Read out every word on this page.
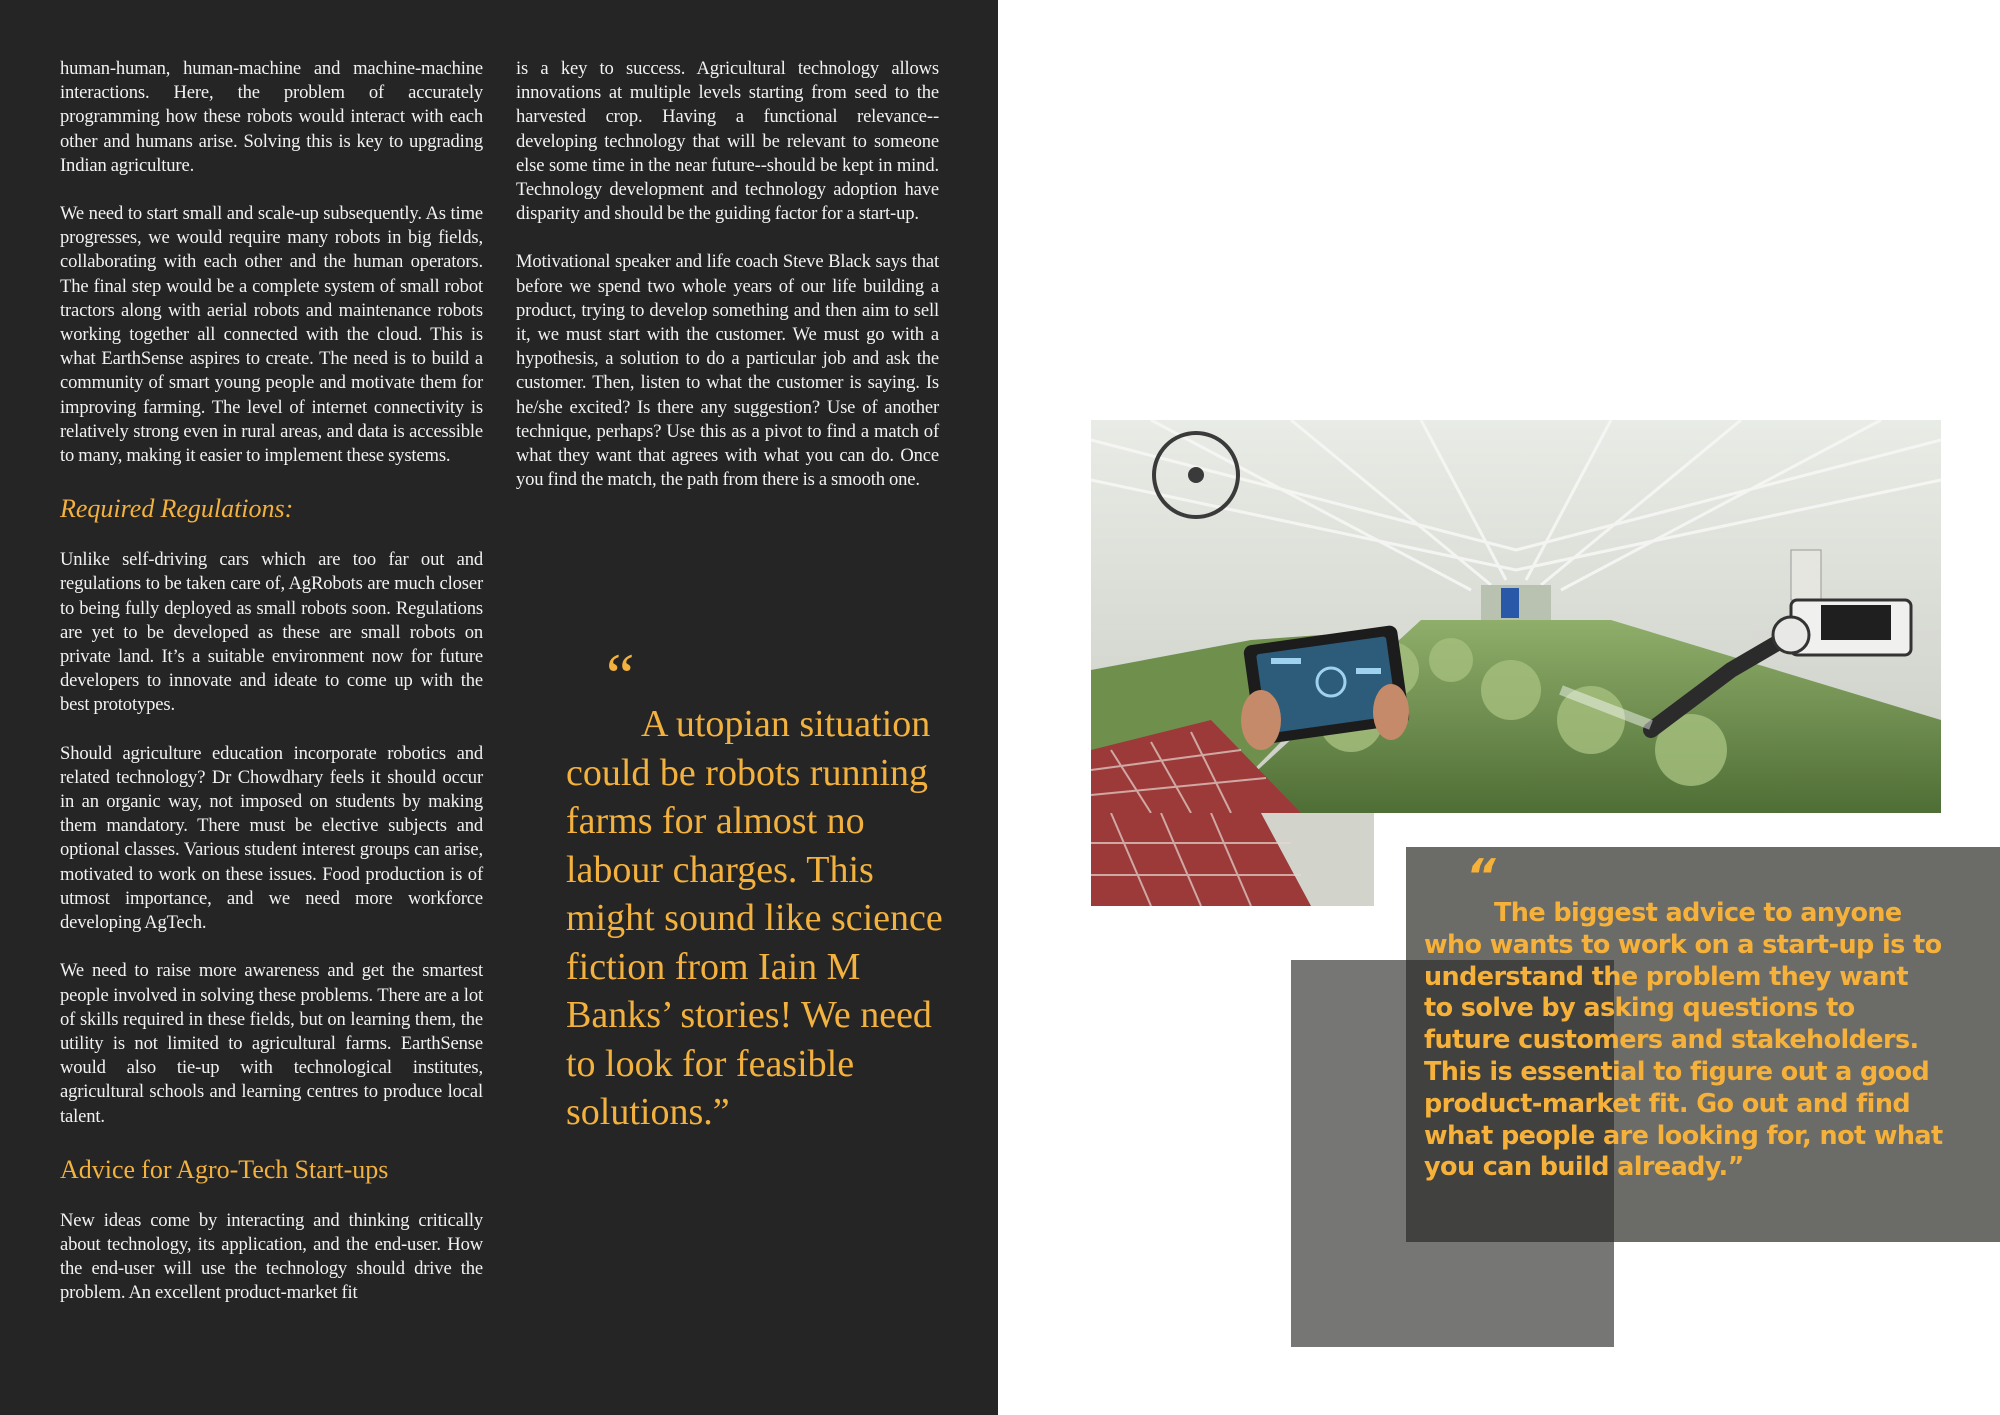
human-human, human-machine and machine-machine interactions. Here, the problem of accurately programming how these robots would interact with each other and humans arise. Solving this is key to upgrading Indian agriculture.

We need to start small and scale-up subsequently. As time progresses, we would require many robots in big fields, collaborating with each other and the human operators. The final step would be a complete system of small robot tractors along with aerial robots and maintenance robots working together all connected with the cloud. This is what EarthSense aspires to create. The need is to build a community of smart young people and motivate them for improving farming. The level of internet connectivity is relatively strong even in rural areas, and data is accessible to many, making it easier to implement these systems.

Required Regulations:

Unlike self-driving cars which are too far out and regulations to be taken care of, AgRobots are much closer to being fully deployed as small robots soon. Regulations are yet to be developed as these are small robots on private land. It’s a suitable environment now for future developers to innovate and ideate to come up with the best prototypes.

Should agriculture education incorporate robotics and related technology? Dr Chowdhary feels it should occur in an organic way, not imposed on students by making them mandatory. There must be elective subjects and optional classes. Various student interest groups can arise, motivated to work on these issues. Food production is of utmost importance, and we need more workforce developing AgTech.

We need to raise more awareness and get the smartest people involved in solving these problems. There are a lot of skills required in these fields, but on learning them, the utility is not limited to agricultural farms. EarthSense would also tie-up with technological institutes, agricultural schools and learning centres to produce local talent.

Advice for Agro-Tech Start-ups

New ideas come by interacting and thinking critically about technology, its application, and the end-user. How the end-user will use the technology should drive the problem. An excellent product-market fit

is a key to success. Agricultural technology allows innovations at multiple levels starting from seed to the harvested crop. Having a functional relevance--developing technology that will be relevant to someone else some time in the near future--should be kept in mind. Technology development and technology adoption have disparity and should be the guiding factor for a start-up.

Motivational speaker and life coach Steve Black says that before we spend two whole years of our life building a product, trying to develop something and then aim to sell it, we must start with the customer. We must go with a hypothesis, a solution to do a particular job and ask the customer. Then, listen to what the customer is saying. Is he/she excited? Is there any suggestion? Use of another technique, perhaps? Use this as a pivot to find a match of what they want that agrees with what you can do. Once you find the match, the path from there is a smooth one.

“
A utopian situation could be robots running farms for almost no labour charges. This might sound like science fiction from Iain M Banks’ stories! We need to look for feasible solutions.”
“
The biggest advice to anyone who wants to work on a start-up is to understand the problem they want to solve by asking questions to future customers and stakeholders. This is essential to figure out a good product-market fit. Go out and find what people are looking for, not what you can build already.”
